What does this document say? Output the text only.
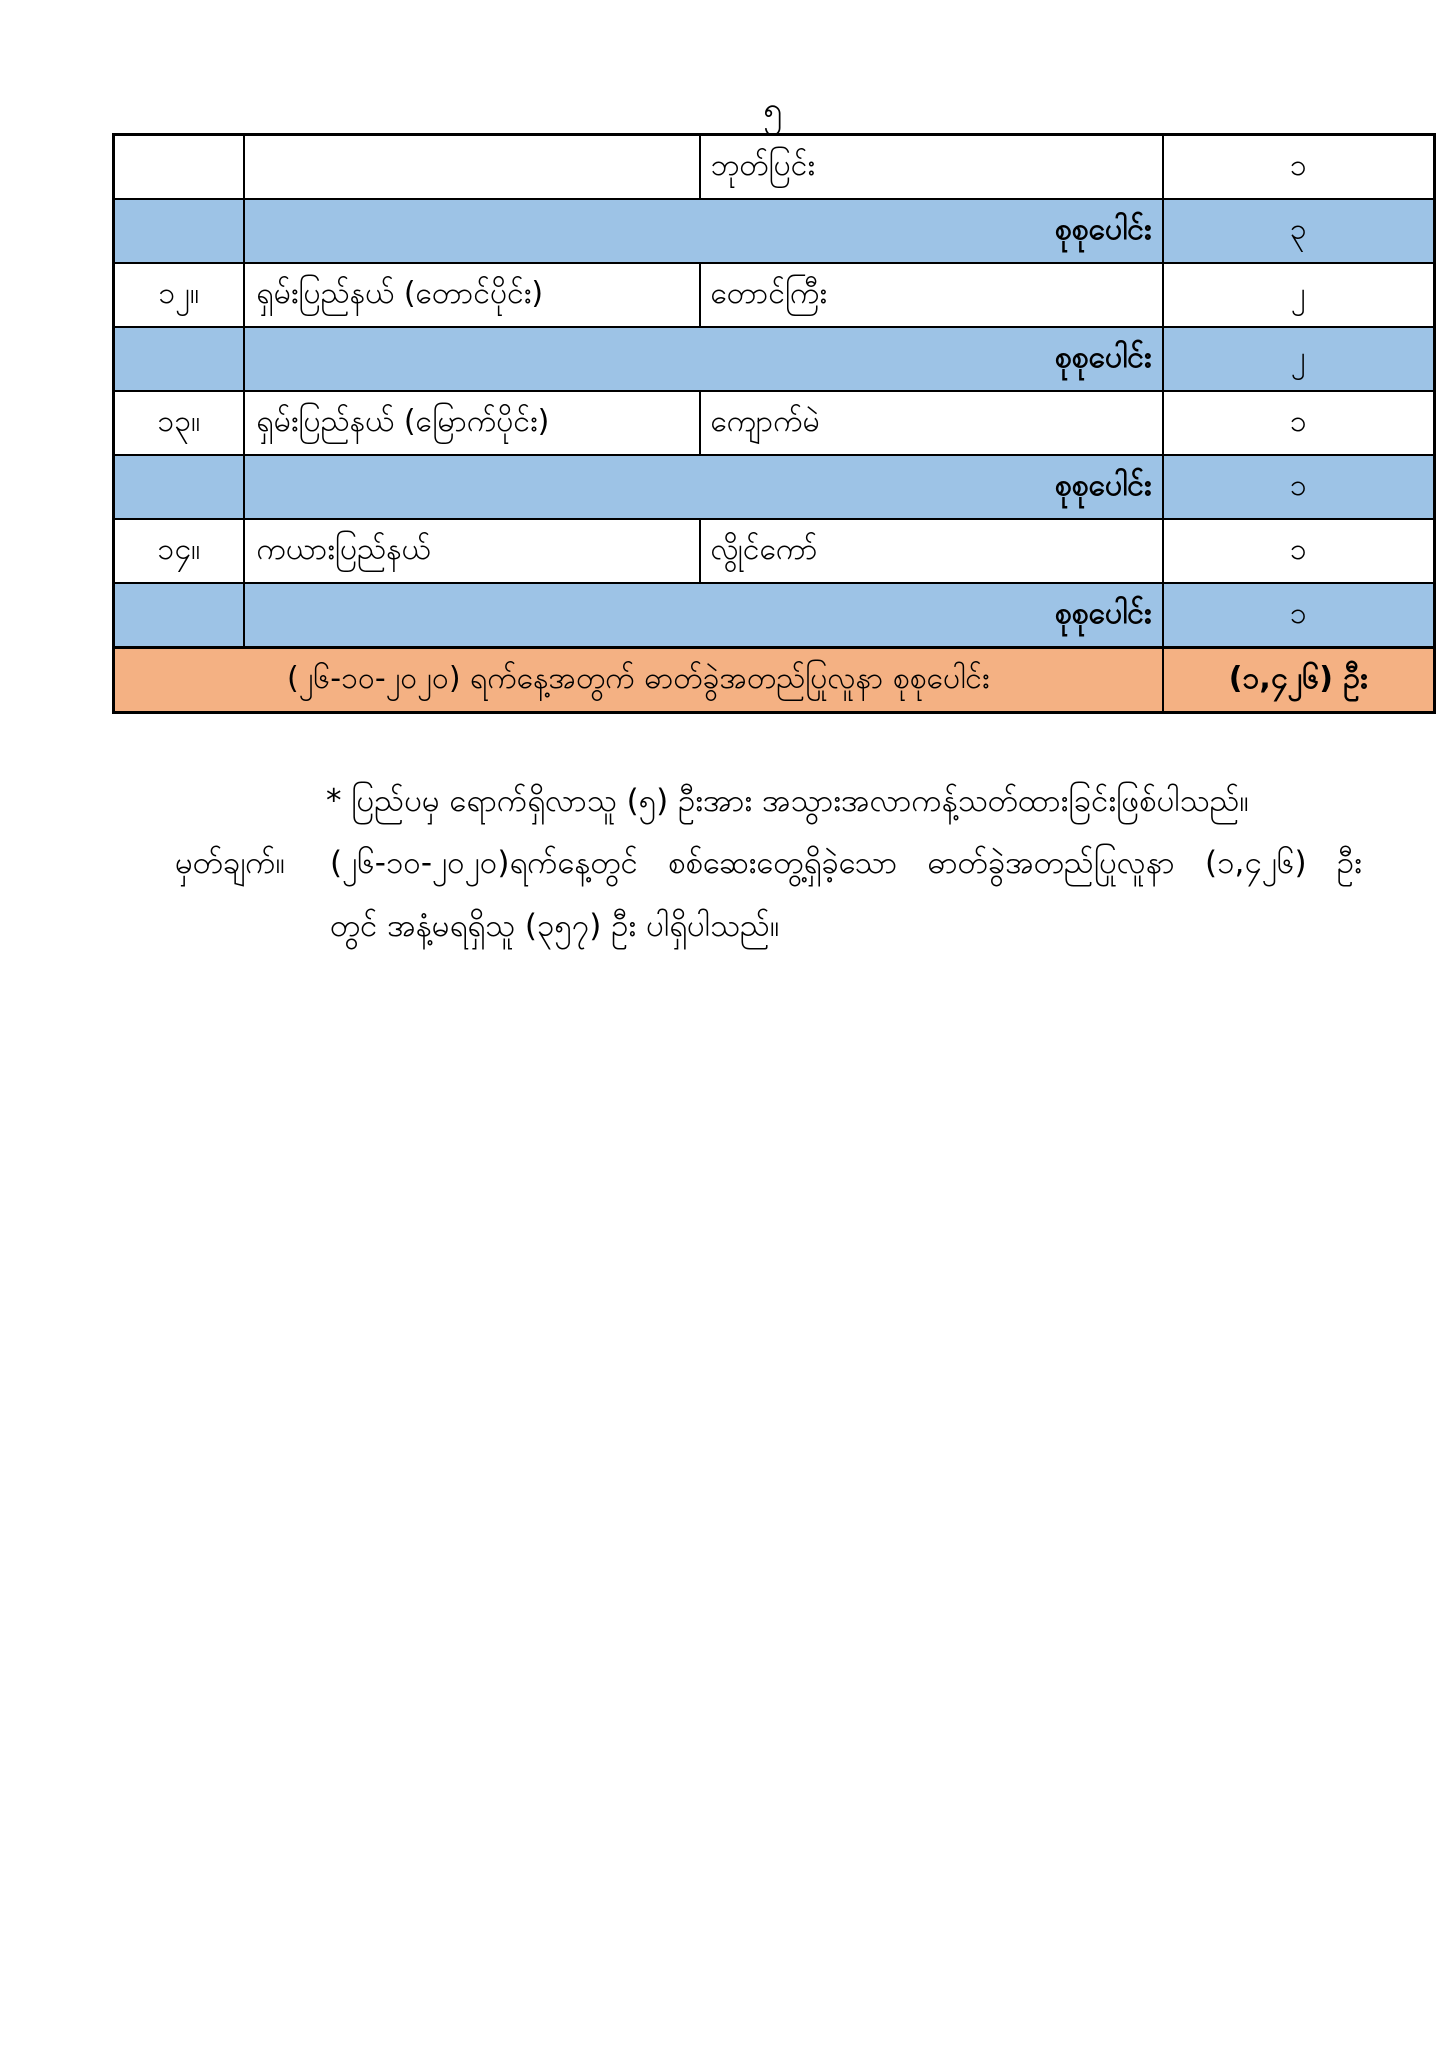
၅
		ဘုတ်ပြင်း	၁
	စုစုပေါင်း		၃
၁၂။	ရှမ်းပြည်နယ် (တောင်ပိုင်း)	တောင်ကြီး	၂
	စုစုပေါင်း		၂
၁၃။	ရှမ်းပြည်နယ် (မြောက်ပိုင်း)	ကျောက်မဲ	၁
	စုစုပေါင်း		၁
၁၄။	ကယားပြည်နယ်	လွိုင်ကော်	၁
	စုစုပေါင်း		၁
(၂၆-၁၀-၂၀၂၀) ရက်နေ့အတွက် ဓာတ်ခွဲအတည်ပြုလူနာ စုစုပေါင်း			(၁,၄၂၆) ဦး
* ပြည်ပမှ ရောက်ရှိလာသူ (၅) ဦးအား အသွားအလာကန့်သတ်ထားခြင်းဖြစ်ပါသည်။
မှတ်ချက်။ (၂၆-၁၀-၂၀၂၀)ရက်နေ့တွင် စစ်ဆေးတွေ့ရှိခဲ့သော ဓာတ်ခွဲအတည်ပြုလူနာ (၁,၄၂၆) ဦး
တွင် အနံ့မရရှိသူ (၃၅၇) ဦး ပါရှိပါသည်။
